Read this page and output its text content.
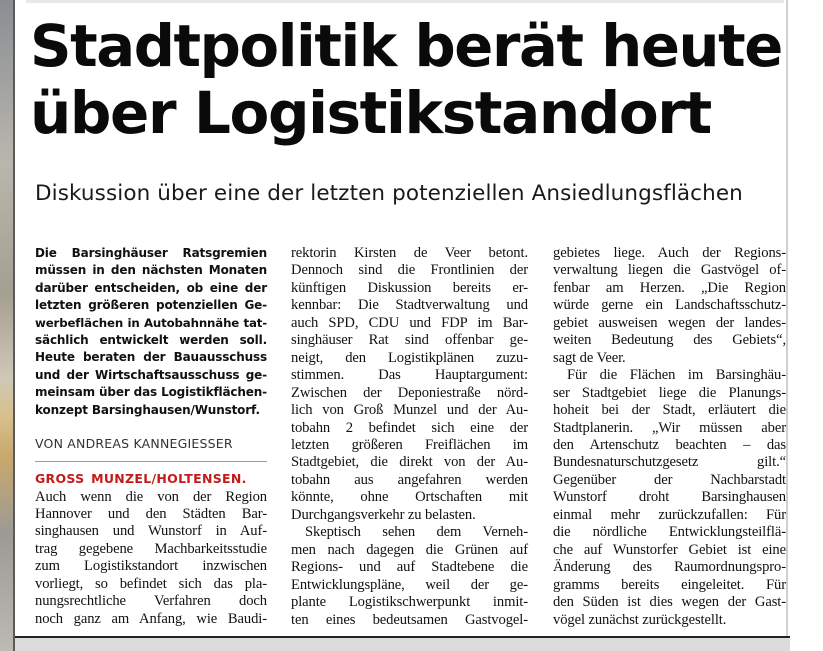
Stadtpolitik berät heute
über Logistikstandort
Diskussion über eine der letzten potenziellen Ansiedlungsflächen

Die Barsinghäuser Ratsgremien
müssen in den nächsten Monaten
darüber entscheiden, ob eine der
letzten größeren potenziellen Ge-
werbeflächen in Autobahnnähe tat-
sächlich entwickelt werden soll.
Heute beraten der Bauausschuss
und der Wirtschaftsausschuss ge-
meinsam über das Logistikflächen-
konzept Barsinghausen/Wunstorf.

VON ANDREAS KANNEGIESSER

GROSS MUNZEL/HOLTENSEN.
Auch wenn die von der Region
Hannover und den Städten Bar-
singhausen und Wunstorf in Auf-
trag gegebene Machbarkeitsstudie
zum Logistikstandort inzwischen
vorliegt, so befindet sich das pla-
nungsrechtliche Verfahren doch
noch ganz am Anfang, wie Baudi-

rektorin Kirsten de Veer betont.
Dennoch sind die Frontlinien der
künftigen Diskussion bereits er-
kennbar: Die Stadtverwaltung und
auch SPD, CDU und FDP im Bar-
singhäuser Rat sind offenbar ge-
neigt, den Logistikplänen zuzu-
stimmen. Das Hauptargument:
Zwischen der Deponiestraße nörd-
lich von Groß Munzel und der Au-
tobahn 2 befindet sich eine der
letzten größeren Freiflächen im
Stadtgebiet, die direkt von der Au-
tobahn aus angefahren werden
könnte, ohne Ortschaften mit
Durchgangsverkehr zu belasten.

Skeptisch sehen dem Verneh-
men nach dagegen die Grünen auf
Regions- und auf Stadtebene die
Entwicklungspläne, weil der ge-
plante Logistikschwerpunkt inmit-
ten eines bedeutsamen Gastvogel-

gebietes liege. Auch der Regions-
verwaltung liegen die Gastvögel of-
fenbar am Herzen. „Die Region
würde gerne ein Landschaftsschutz-
gebiet ausweisen wegen der landes-
weiten Bedeutung des Gebiets“,
sagt de Veer.

Für die Flächen im Barsinghäu-
ser Stadtgebiet liege die Planungs-
hoheit bei der Stadt, erläutert die
Stadtplanerin. „Wir müssen aber
den Artenschutz beachten – das
Bundesnaturschutzgesetz gilt.“
Gegenüber der Nachbarstadt
Wunstorf droht Barsinghausen
einmal mehr zurückzufallen: Für
die nördliche Entwicklungsteilflä-
che auf Wunstorfer Gebiet ist eine
Änderung des Raumordnungspro-
gramms bereits eingeleitet. Für
den Süden ist dies wegen der Gast-
vögel zunächst zurückgestellt.
